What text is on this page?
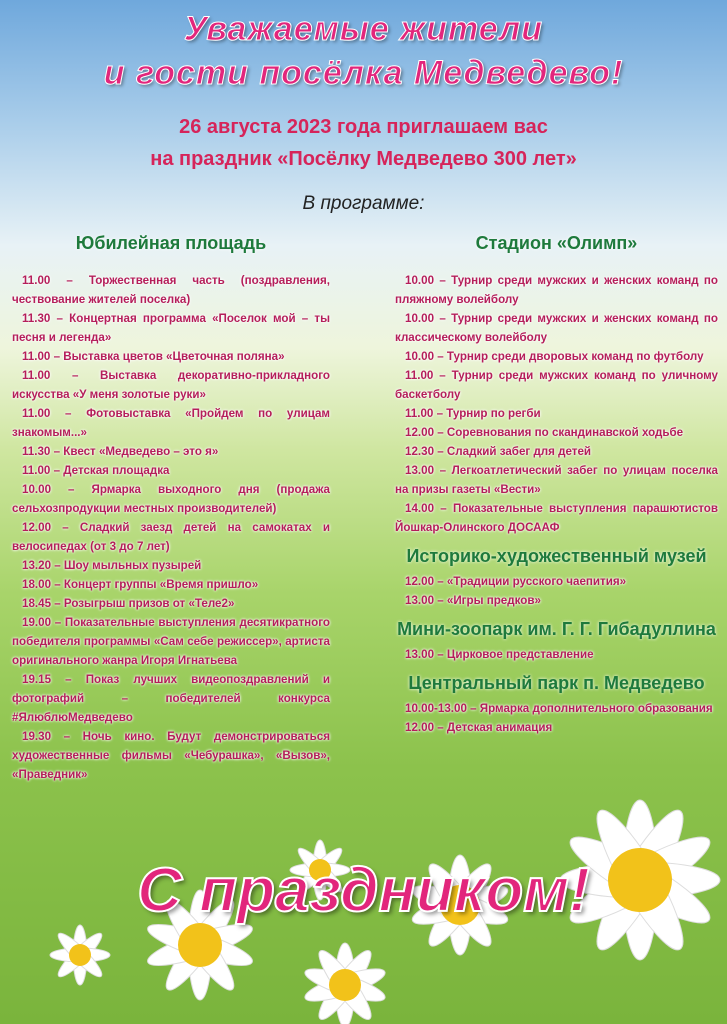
Уважаемые жители
и гости посёлка Медведево!
26 августа 2023 года приглашаем вас
на праздник «Посёлку Медведево 300 лет»
В программе:
Юбилейная площадь

11.00 – Торжественная часть (поздравления, чествование жителей поселка)

11.30 – Концертная программа «Поселок мой – ты песня и легенда»

11.00 – Выставка цветов «Цветочная поляна»

11.00 – Выставка декоративно-прикладного искусства «У меня золотые руки»

11.00 – Фотовыставка «Пройдем по улицам знакомым...»

11.30 – Квест «Медведево – это я»

11.00 – Детская площадка

10.00 – Ярмарка выходного дня (продажа сельхозпродукции местных производителей)

12.00 – Сладкий заезд детей на самокатах и велосипедах (от 3 до 7 лет)

13.20 – Шоу мыльных пузырей

18.00 – Концерт группы «Время пришло»

18.45 – Розыгрыш призов от «Теле2»

19.00 – Показательные выступления десятикратного победителя программы «Сам себе режиссер», артиста оригинального жанра Игоря Игнатьева

19.15 – Показ лучших видеопоздравлений и фотографий – победителей конкурса #ЯлюблюМедведево

19.30 – Ночь кино. Будут демонстрироваться художественные фильмы «Чебурашка», «Вызов», «Праведник»

Стадион «Олимп»

10.00 – Турнир среди мужских и женских команд по пляжному волейболу

10.00 – Турнир среди мужских и женских команд по классическому волейболу

10.00 – Турнир среди дворовых команд по футболу

11.00 – Турнир среди мужских команд по уличному баскетболу

11.00 – Турнир по регби

12.00 – Соревнования по скандинавской ходьбе

12.30 – Сладкий забег для детей

13.00 – Легкоатлетический забег по улицам поселка на призы газеты «Вести»

14.00 – Показательные выступления парашютистов Йошкар-Олинского ДОСААФ

Историко-художественный музей

12.00 – «Традиции русского чаепития»

13.00 – «Игры предков»

Мини-зоопарк им. Г. Г. Гибадуллина

13.00 – Цирковое представление

Центральный парк п. Медведево

10.00-13.00 – Ярмарка дополнительного образования

12.00 – Детская анимация

С праздником!
